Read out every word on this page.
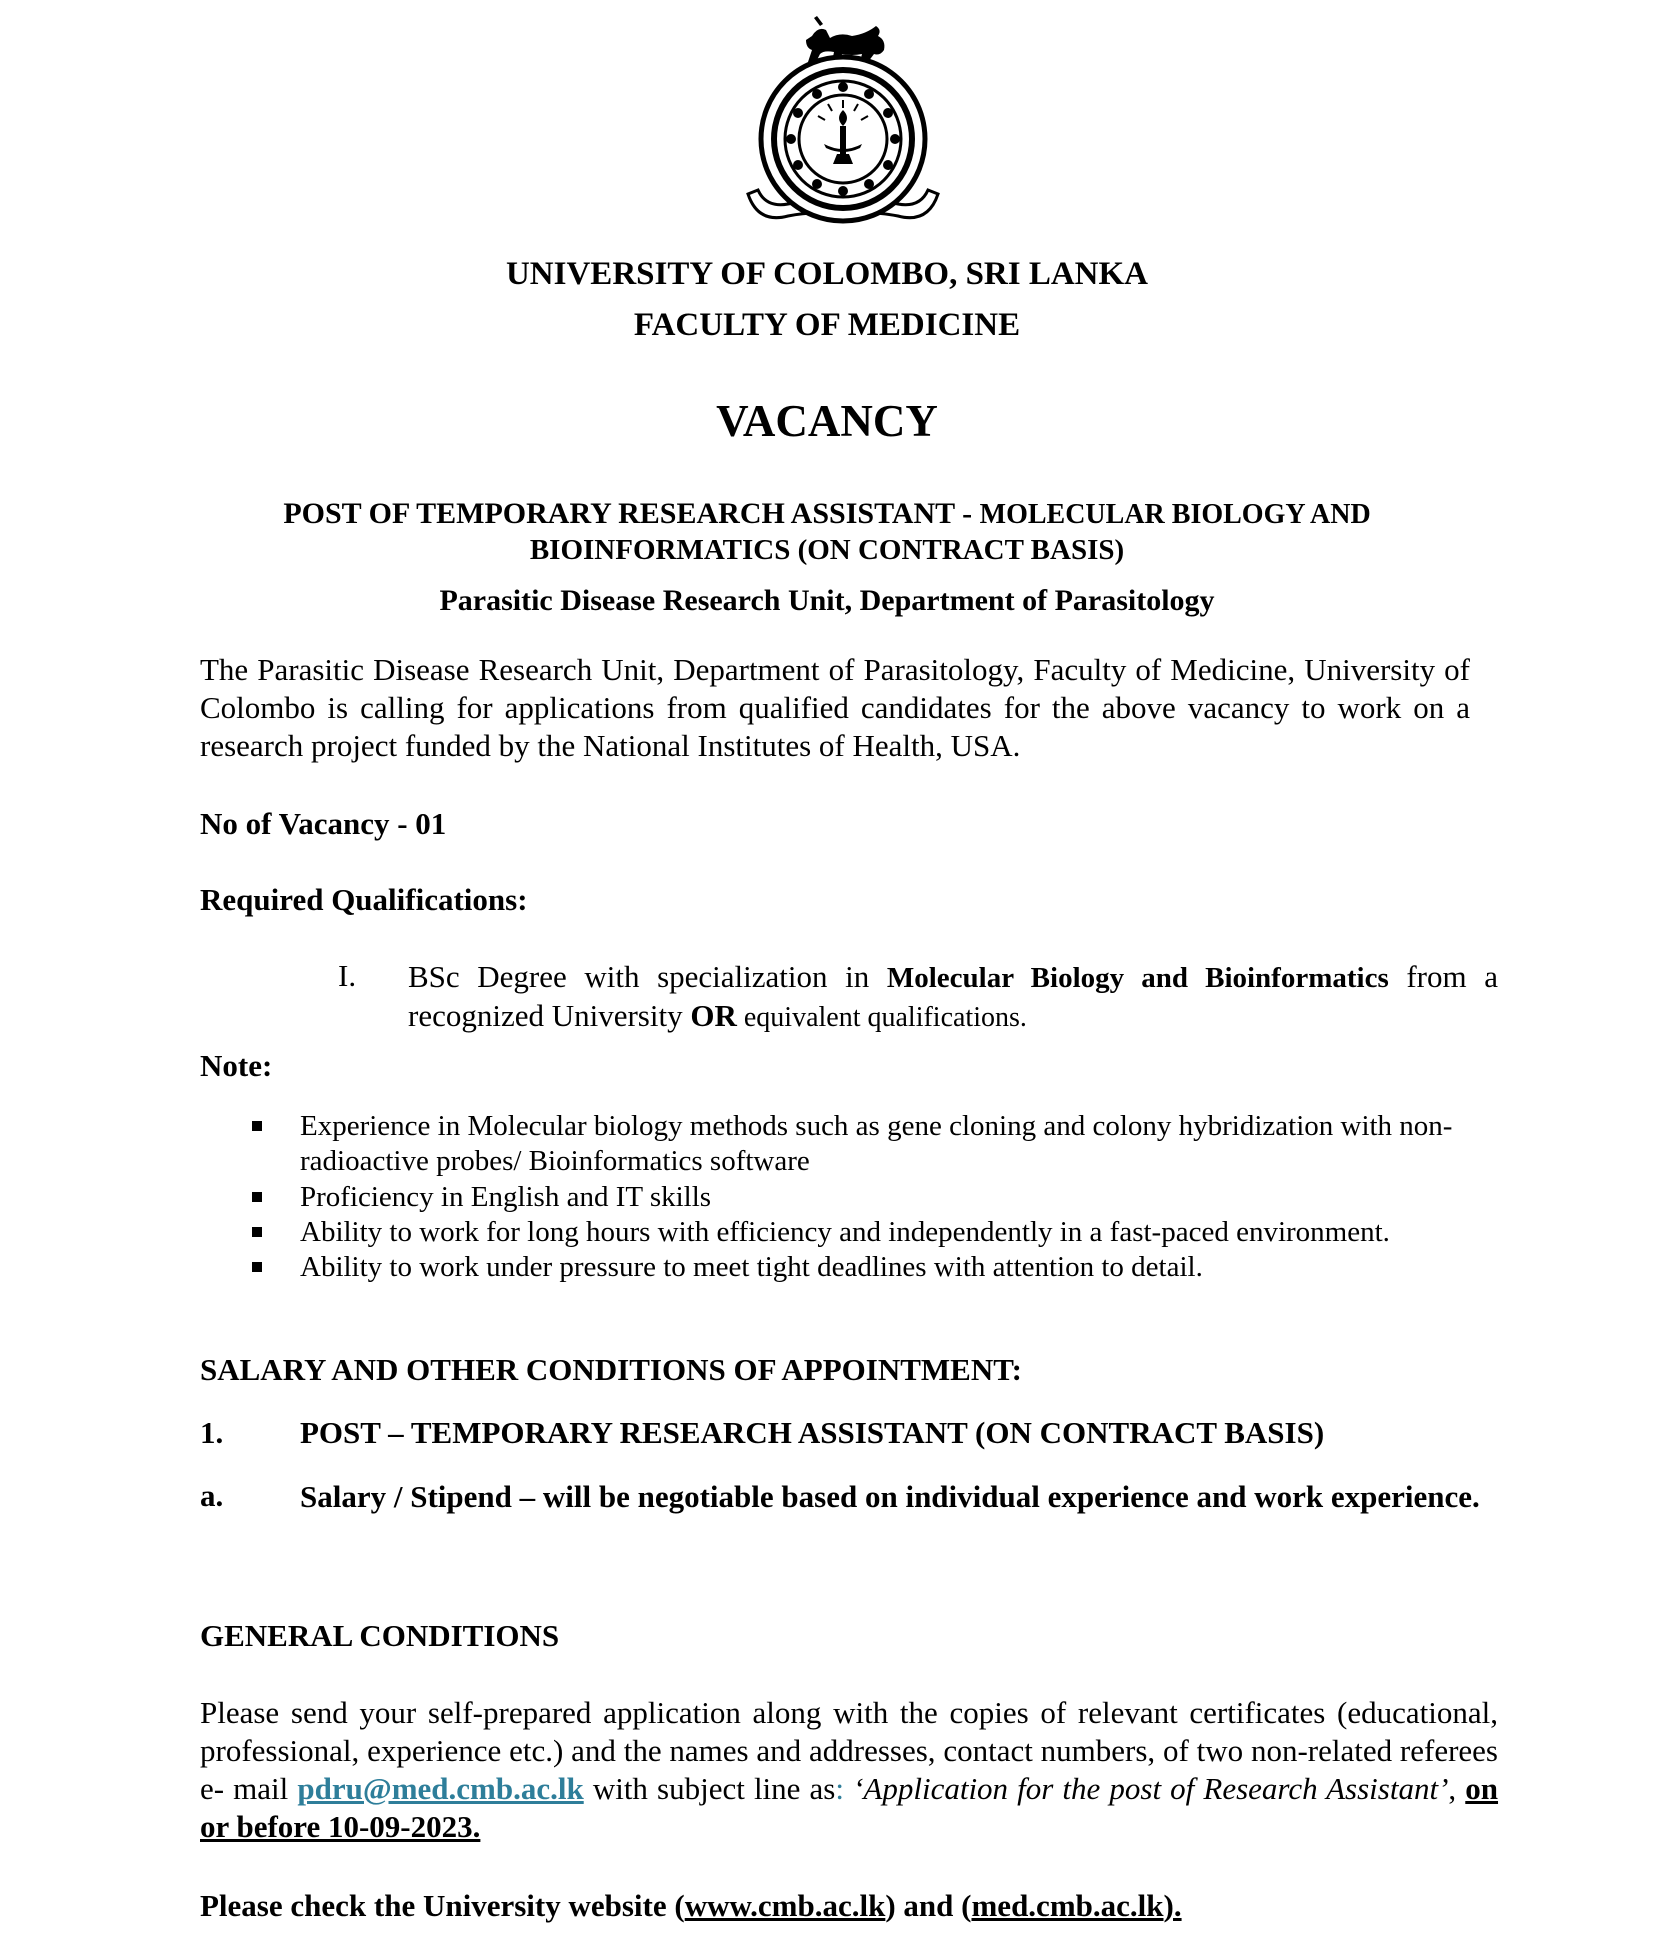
UNIVERSITY OF COLOMBO, SRI LANKA
FACULTY OF MEDICINE
VACANCY
POST OF TEMPORARY RESEARCH ASSISTANT - MOLECULAR BIOLOGY AND
BIOINFORMATICS (ON CONTRACT BASIS)
Parasitic Disease Research Unit, Department of Parasitology
The Parasitic Disease Research Unit, Department of Parasitology, Faculty of Medicine, University of Colombo is calling for applications from qualified candidates for the above vacancy to work on a research project funded by the National Institutes of Health, USA.
No of Vacancy - 01
Required Qualifications:
I. BSc Degree with specialization in Molecular Biology and Bioinformatics from a recognized University OR equivalent qualifications.
Note:
Experience in Molecular biology methods such as gene cloning and colony hybridization with non-radioactive probes/ Bioinformatics software
Proficiency in English and IT skills
Ability to work for long hours with efficiency and independently in a fast-paced environment.
Ability to work under pressure to meet tight deadlines with attention to detail.
SALARY AND OTHER CONDITIONS OF APPOINTMENT:
1. POST – TEMPORARY RESEARCH ASSISTANT (ON CONTRACT BASIS)
a.	Salary / Stipend – will be negotiable based on individual experience and work experience.
GENERAL CONDITIONS
Please send your self-prepared application along with the copies of relevant certificates (educational, professional, experience etc.) and the names and addresses, contact numbers, of two non-related referees e- mail pdru@med.cmb.ac.lk with subject line as: ‘Application for the post of Research Assistant’, on or before 10-09-2023.
Please check the University website (www.cmb.ac.lk) and (med.cmb.ac.lk).
